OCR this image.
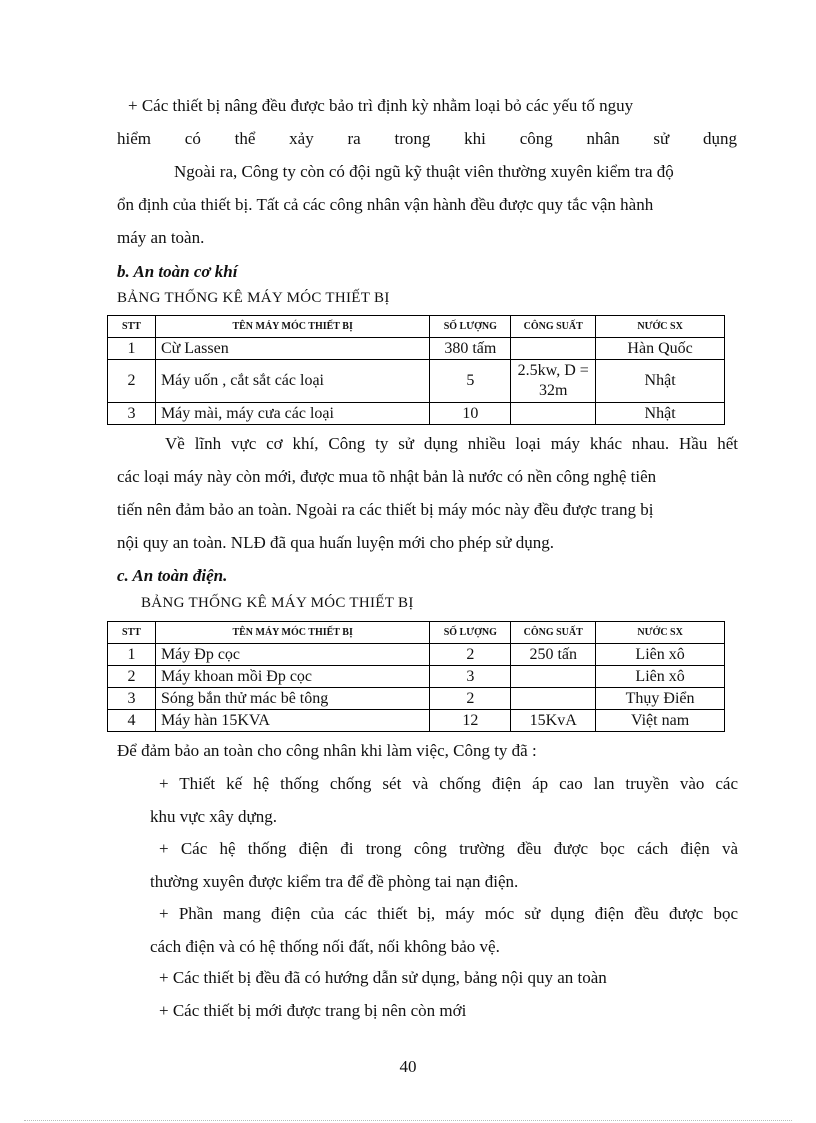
+ Các thiết bị nâng đều được bảo trì định kỳ nhằm loại bỏ các yếu tố nguy

hiểm có thể xảy ra trong khi công nhân sử dụng

Ngoài ra, Công ty còn có đội ngũ kỹ thuật viên thường xuyên kiểm tra độ

ổn định của thiết bị. Tất cả các công nhân vận hành đều được quy tắc vận hành

máy an toàn.

b. An toàn cơ khí
BẢNG THỐNG KÊ MÁY MÓC THIẾT BỊ
STT	TÊN MÁY MÓC THIẾT BỊ	SỐ LƯỢNG	CÔNG SUẤT	NƯỚC SX
1	Cừ Lassen	380 tấm		Hàn Quốc
2	Máy uốn , cắt sắt các loại	5	2.5kw, D = 32m	Nhật
3	Máy mài, máy cưa các loại	10		Nhật

Về lĩnh vực cơ khí, Công ty sử dụng nhiều loại máy khác nhau. Hầu hết

các loại máy này còn mới, được mua tõ nhật bản là nước có nền công nghệ tiên

tiến nên đảm bảo an toàn. Ngoài ra các thiết bị máy móc này đều được trang bị

nội quy an toàn. NLĐ đã qua huấn luyện mới cho phép sử dụng.

c. An toàn điện.
BẢNG THỐNG KÊ MÁY MÓC THIẾT BỊ
STT	TÊN MÁY MÓC THIẾT BỊ	SỐ LƯỢNG	CÔNG SUẤT	NƯỚC SX
1	Máy Đp cọc	2	250 tấn	Liên xô
2	Máy khoan mồi Đp cọc	3		Liên xô
3	Sóng bắn thử mác bê tông	2		Thụy Điển
4	Máy hàn 15KVA	12	15KvA	Việt nam

Để đảm bảo an toàn cho công nhân khi làm việc, Công ty đã :

+ Thiết kế hệ thống chống sét và chống điện áp cao lan truyền vào các

khu vực xây dựng.

+ Các hệ thống điện đi trong công trường đều được bọc cách điện và

thường xuyên được kiểm tra để đề phòng tai nạn điện.

+ Phần mang điện của các thiết bị, máy móc sử dụng điện đều được bọc

cách điện và có hệ thống nối đất, nối không bảo vệ.

+ Các thiết bị đều đã có hướng dẫn sử dụng, bảng nội quy an toàn

+ Các thiết bị mới được trang bị nên còn mới

40
